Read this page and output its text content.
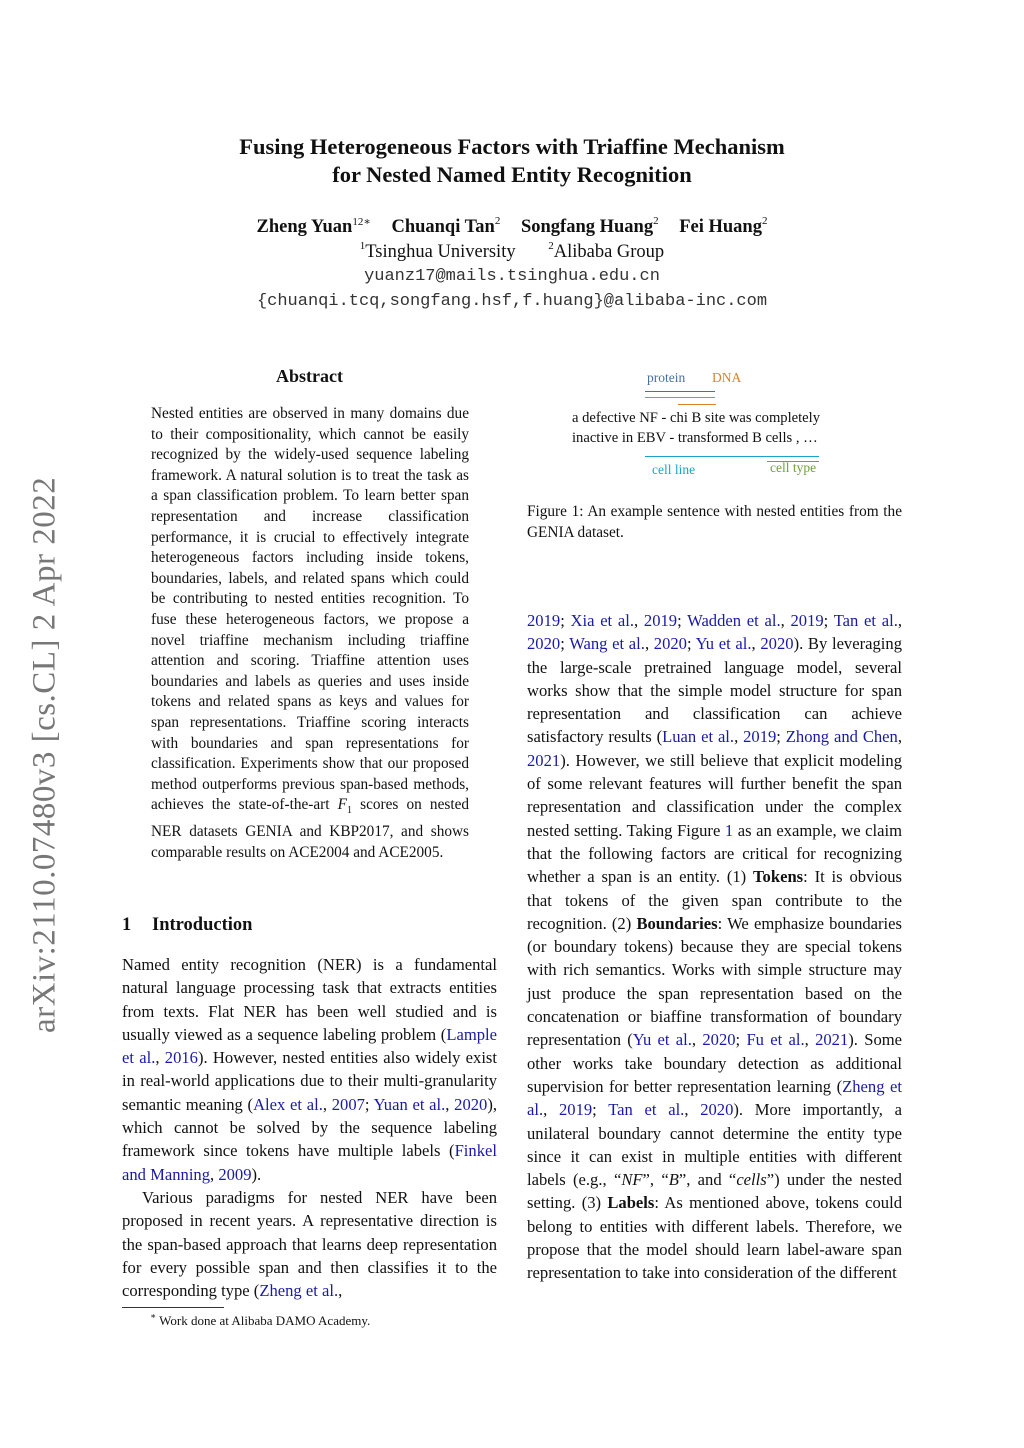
arXiv:2110.07480v3 [cs.CL] 2 Apr 2022
Fusing Heterogeneous Factors with Triaffine Mechanism
for Nested Named Entity Recognition
Zheng Yuan$^{12∗}$ Chuanqi Tan$^2$ Songfang Huang$^2$ Fei Huang$^2$
$^1$Tsinghua University	$^2$Alibaba Group
yuanz17@mails.tsinghua.edu.cn
{chuanqi.tcq,songfang.hsf,f.huang}@alibaba-inc.com
Abstract
Nested entities are observed in many domains due to their compositionality, which cannot be easily recognized by the widely-used sequence labeling framework. A natural solution is to treat the task as a span classification problem. To learn better span representation and increase classification performance, it is crucial to effectively integrate heterogeneous factors including inside tokens, boundaries, labels, and related spans which could be contributing to nested entities recognition. To fuse these heterogeneous factors, we propose a novel triaffine mechanism including triaffine attention and scoring. Triaffine attention uses boundaries and labels as queries and uses inside tokens and related spans as keys and values for span representations. Triaffine scoring interacts with boundaries and span representations for classification. Experiments show that our proposed method outperforms previous span-based methods, achieves the state-of-the-art $F_1$ scores on nested NER datasets GENIA and KBP2017, and shows comparable results on ACE2004 and ACE2005.
1 Introduction

Named entity recognition (NER) is a fundamental natural language processing task that extracts entities from texts. Flat NER has been well studied and is usually viewed as a sequence labeling problem (Lample et al., 2016). However, nested entities also widely exist in real-world applications due to their multi-granularity semantic meaning (Alex et al., 2007; Yuan et al., 2020), which cannot be solved by the sequence labeling framework since tokens have multiple labels (Finkel and Manning, 2009).

Various paradigms for nested NER have been proposed in recent years. A representative direction is the span-based approach that learns deep representation for every possible span and then classifies it to the corresponding type (Zheng et al.,

∗ Work done at Alibaba DAMO Academy.
protein DNA
a defective NF - chi B site was completely
inactive in EBV - transformed B cells , …
cell line	cell type
Figure 1: An example sentence with nested entities from the GENIA dataset.

2019; Xia et al., 2019; Wadden et al., 2019; Tan et al., 2020; Wang et al., 2020; Yu et al., 2020). By leveraging the large-scale pretrained language model, several works show that the simple model structure for span representation and classification can achieve satisfactory results (Luan et al., 2019; Zhong and Chen, 2021). However, we still believe that explicit modeling of some relevant features will further benefit the span representation and classification under the complex nested setting. Taking Figure 1 as an example, we claim that the following factors are critical for recognizing whether a span is an entity. (1) Tokens: It is obvious that tokens of the given span contribute to the recognition. (2) Boundaries: We emphasize boundaries (or boundary tokens) because they are special tokens with rich semantics. Works with simple structure may just produce the span representation based on the concatenation or biaffine transformation of boundary representation (Yu et al., 2020; Fu et al., 2021). Some other works take boundary detection as additional supervision for better representation learning (Zheng et al., 2019; Tan et al., 2020). More importantly, a unilateral boundary cannot determine the entity type since it can exist in multiple entities with different labels (e.g., “NF”, “B”, and “cells”) under the nested setting. (3) Labels: As mentioned above, tokens could belong to entities with different labels. Therefore, we propose that the model should learn label-aware span representation to take into consideration of the different
